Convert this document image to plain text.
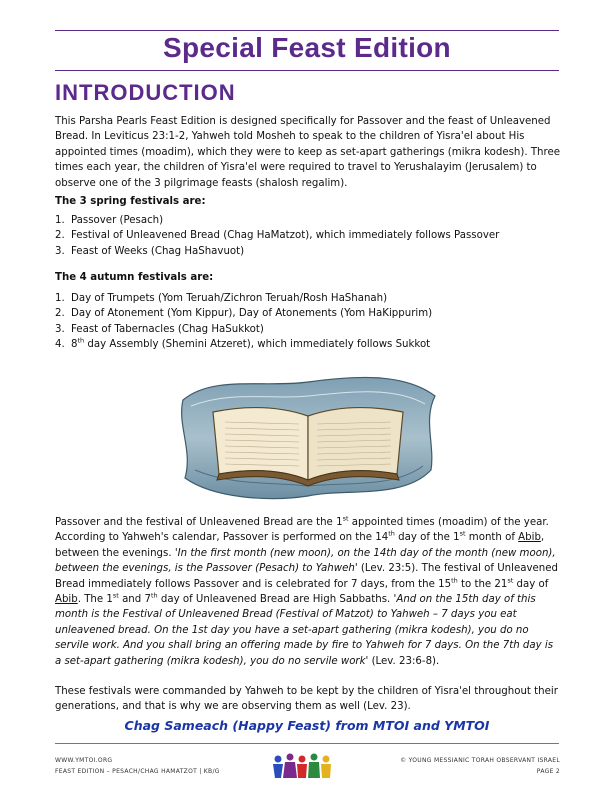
Special Feast Edition
INTRODUCTION

This Parsha Pearls Feast Edition is designed specifically for Passover and the feast of Unleavened Bread. In Leviticus 23:1-2, Yahweh told Mosheh to speak to the children of Yisra'el about His appointed times (moadim), which they were to keep as set-apart gatherings (mikra kodesh). Three times each year, the children of Yisra'el were required to travel to Yerushalayim (Jerusalem) to observe one of the 3 pilgrimage feasts (shalosh regalim).

The 3 spring festivals are:

1. Passover (Pesach)
2. Festival of Unleavened Bread (Chag HaMatzot), which immediately follows Passover
3. Feast of Weeks (Chag HaShavuot)

The 4 autumn festivals are:

1. Day of Trumpets (Yom Teruah/Zichron Teruah/Rosh HaShanah)
2. Day of Atonement (Yom Kippur), Day of Atonements (Yom HaKippurim)
3. Feast of Tabernacles (Chag HaSukkot)
4. 8th day Assembly (Shemini Atzeret), which immediately follows Sukkot

Passover and the festival of Unleavened Bread are the 1st appointed times (moadim) of the year. According to Yahweh's calendar, Passover is performed on the 14th day of the 1st month of Abib, between the evenings. 'In the first month (new moon), on the 14th day of the month (new moon), between the evenings, is the Passover (Pesach) to Yahweh' (Lev. 23:5). The festival of Unleavened Bread immediately follows Passover and is celebrated for 7 days, from the 15th to the 21st day of Abib. The 1st and 7th day of Unleavened Bread are High Sabbaths. 'And on the 15th day of this month is the Festival of Unleavened Bread (Festival of Matzot) to Yahweh – 7 days you eat unleavened bread. On the 1st day you have a set-apart gathering (mikra kodesh), you do no servile work. And you shall bring an offering made by fire to Yahweh for 7 days. On the 7th day is a set-apart gathering (mikra kodesh), you do no servile work' (Lev. 23:6-8).

These festivals were commanded by Yahweh to be kept by the children of Yisra'el throughout their generations, and that is why we are observing them as well (Lev. 23).

Chag Sameach (Happy Feast) from MTOI and YMTOI
WWW.YMTOI.ORG	© YOUNG MESSIANIC TORAH OBSERVANT ISRAEL
FEAST EDITION – PESACH/CHAG HAMATZOT | KB/G	PAGE 2
